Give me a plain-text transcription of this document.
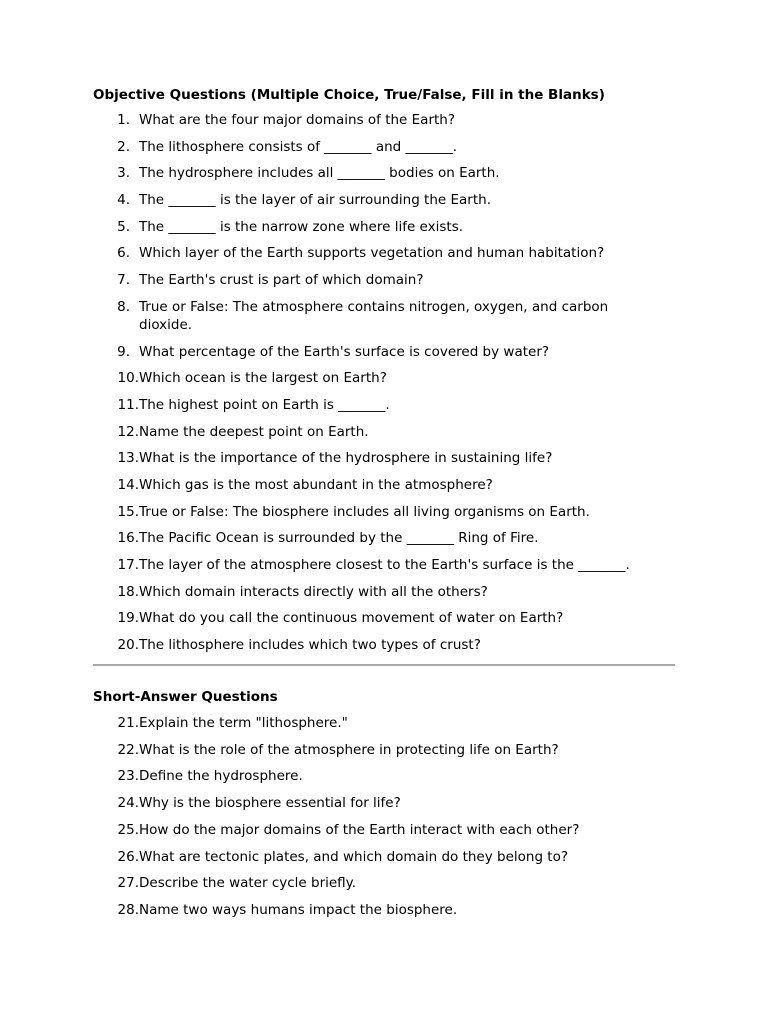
Objective Questions (Multiple Choice, True/False, Fill in the Blanks)
1. What are the four major domains of the Earth?
2. The lithosphere consists of _______ and _______.
3. The hydrosphere includes all _______ bodies on Earth.
4. The _______ is the layer of air surrounding the Earth.
5. The _______ is the narrow zone where life exists.
6. Which layer of the Earth supports vegetation and human habitation?
7. The Earth's crust is part of which domain?
8. True or False: The atmosphere contains nitrogen, oxygen, and carbon dioxide.
9. What percentage of the Earth's surface is covered by water?
10. Which ocean is the largest on Earth?
11. The highest point on Earth is _______.
12. Name the deepest point on Earth.
13. What is the importance of the hydrosphere in sustaining life?
14. Which gas is the most abundant in the atmosphere?
15. True or False: The biosphere includes all living organisms on Earth.
16. The Pacific Ocean is surrounded by the _______ Ring of Fire.
17. The layer of the atmosphere closest to the Earth's surface is the _______.
18. Which domain interacts directly with all the others?
19. What do you call the continuous movement of water on Earth?
20. The lithosphere includes which two types of crust?
Short-Answer Questions
21. Explain the term "lithosphere."
22. What is the role of the atmosphere in protecting life on Earth?
23. Define the hydrosphere.
24. Why is the biosphere essential for life?
25. How do the major domains of the Earth interact with each other?
26. What are tectonic plates, and which domain do they belong to?
27. Describe the water cycle briefly.
28. Name two ways humans impact the biosphere.
